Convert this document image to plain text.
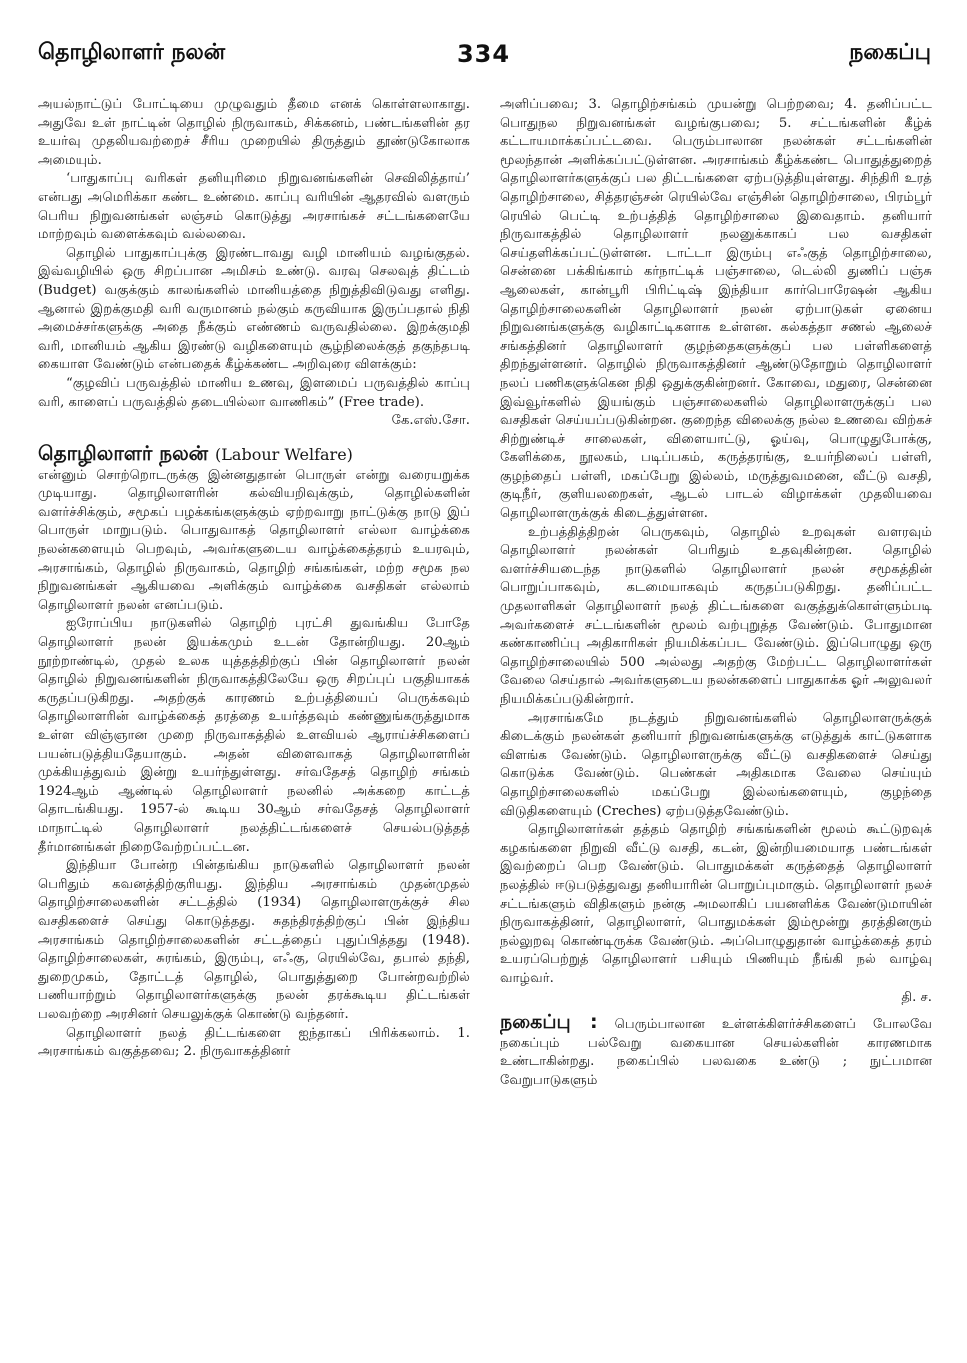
தொழிலாளர் நலன்	334	நகைப்பு

அயல்நாட்டுப் போட்டியை முழுவதும் தீமை எனக் கொள்ளலாகாது. அதுவே உள் நாட்டின் தொழில் நிருவாகம், சிக்கனம், பண்டங்களின் தர உயர்வு முதலியவற்றைச் சீரிய முறையில் திருத்தும் தூண்டுகோலாக அமையும்.

‘பாதுகாப்பு வரிகள் தனியுரிமை நிறுவனங்களின் செவிலித்தாய்’ என்பது அமெரிக்கா கண்ட உண்மை. காப்பு வரியின் ஆதரவில் வளரும் பெரிய நிறுவனங்கள் லஞ்சம் கொடுத்து அரசாங்கச் சட்டங்களையே மாற்றவும் வளைக்கவும் வல்லவை.

தொழில் பாதுகாப்புக்கு இரண்டாவது வழி மானியம் வழங்குதல். இவ்வழியில் ஒரு சிறப்பான அமிசம் உண்டு. வரவு செலவுத் திட்டம் (Budget) வகுக்கும் காலங்களில் மானியத்தை நிறுத்திவிடுவது எளிது. ஆனால் இறக்குமதி வரி வருமானம் நல்கும் கருவியாக இருப்பதால் நிதி அமைச்சர்களுக்கு அதை நீக்கும் எண்ணம் வருவதில்லை. இறக்குமதி வரி, மானியம் ஆகிய இரண்டு வழிகளையும் சூழ்நிலைக்குத் தகுந்தபடி கையாள வேண்டும் என்பதைக் கீழ்க்கண்ட அறிவுரை விளக்கும்:

“குழவிப் பருவத்தில் மானிய உணவு, இளமைப் பருவத்தில் காப்பு வரி, காளைப் பருவத்தில் தடையில்லா வாணிகம்” (Free trade).

கே.எஸ்.சோ.

தொழிலாளர் நலன் (Labour Welfare)

என்னும் சொற்றொடருக்கு இன்னதுதான் பொருள் என்று வரையறுக்க முடியாது. தொழிலாளரின் கல்வியறிவுக்கும், தொழில்களின் வளர்ச்சிக்கும், சமூகப் பழக்கங்களுக்கும் ஏற்றவாறு நாட்டுக்கு நாடு இப் பொருள் மாறுபடும். பொதுவாகத் தொழிலாளர் எல்லா வாழ்க்கை நலன்களையும் பெறவும், அவர்களுடைய வாழ்க்கைத்தரம் உயரவும், அரசாங்கம், தொழில் நிருவாகம், தொழிற் சங்கங்கள், மற்ற சமூக நல நிறுவனங்கள் ஆகியவை அளிக்கும் வாழ்க்கை வசதிகள் எல்லாம் தொழிலாளர் நலன் எனப்படும்.

ஐரோப்பிய நாடுகளில் தொழிற் புரட்சி துவங்கிய போதே தொழிலாளர் நலன் இயக்கமும் உடன் தோன்றியது. 20ஆம் நூற்றாண்டில், முதல் உலக யுத்தத்திற்குப் பின் தொழிலாளர் நலன் தொழில் நிறுவனங்களின் நிருவாகத்திலேயே ஒரு சிறப்புப் பகுதியாகக் கருதப்படுகிறது. அதற்குக் காரணம் உற்பத்தியைப் பெருக்கவும் தொழிலாளரின் வாழ்க்கைத் தரத்தை உயர்த்தவும் கண்ணுங்கருத்துமாக உள்ள விஞ்ஞான முறை நிருவாகத்தில் உளவியல் ஆராய்ச்சிகளைப் பயன்படுத்தியதேயாகும். அதன் விளைவாகத் தொழிலாளரின் முக்கியத்துவம் இன்று உயர்ந்துள்ளது. சர்வதேசத் தொழிற் சங்கம் 1924ஆம் ஆண்டில் தொழிலாளர் நலனில் அக்கறை காட்டத் தொடங்கியது. 1957-ல் கூடிய 30ஆம் சர்வதேசத் தொழிலாளர் மாநாட்டில் தொழிலாளர் நலத்திட்டங்களைச் செயல்படுத்தத் தீர்மானங்கள் நிறைவேற்றப்பட்டன.

இந்தியா போன்ற பின்தங்கிய நாடுகளில் தொழிலாளர் நலன் பெரிதும் கவனத்திற்குரியது. இந்திய அரசாங்கம் முதன்முதல் தொழிற்சாலைகளின் சட்டத்தில் (1934) தொழிலாளருக்குச் சில வசதிகளைச் செய்து கொடுத்தது. சுதந்திரத்திற்குப் பின் இந்திய அரசாங்கம் தொழிற்சாலைகளின் சட்டத்தைப் புதுப்பித்தது (1948). தொழிற்சாலைகள், சுரங்கம், இரும்பு, எஃகு, ரெயில்வே, தபால் தந்தி, துறைமுகம், தோட்டத் தொழில், பொதுத்துறை போன்றவற்றில் பணியாற்றும் தொழிலாளர்களுக்கு நலன் தரக்கூடிய திட்டங்கள் பலவற்றை அரசினர் செயலுக்குக் கொண்டு வந்தனர்.

தொழிலாளர் நலத் திட்டங்களை ஐந்தாகப் பிரிக்கலாம். 1. அரசாங்கம் வகுத்தவை; 2. நிருவாகத்தினர்

அளிப்பவை; 3. தொழிற்சங்கம் முயன்று பெற்றவை; 4. தனிப்பட்ட பொதுநல நிறுவனங்கள் வழங்குபவை; 5. சட்டங்களின் கீழ்க் கட்டாயமாக்கப்பட்டவை. பெரும்பாலான நலன்கள் சட்டங்களின் மூலந்தான் அளிக்கப்பட்டுள்ளன. அரசாங்கம் கீழ்க்கண்ட பொதுத்துறைத் தொழிலாளர்களுக்குப் பல திட்டங்களை ஏற்படுத்தியுள்ளது. சிந்திரி உரத் தொழிற்சாலை, சித்தரஞ்சன் ரெயில்வே எஞ்சின் தொழிற்சாலை, பிரம்பூர் ரெயில் பெட்டி உற்பத்தித் தொழிற்சாலை இவைதாம். தனியார் நிருவாகத்தில் தொழிலாளர் நலனுக்காகப் பல வசதிகள் செய்தளிக்கப்பட்டுள்ளன. டாட்டா இரும்பு எஃகுத் தொழிற்சாலை, சென்னை பக்கிங்காம் கர்நாட்டிக் பஞ்சாலை, டெல்லி துணிப் பஞ்சு ஆலைகள், கான்பூரி பிரிட்டிஷ் இந்தியா கார்பொரேஷன் ஆகிய தொழிற்சாலைகளின் தொழிலாளர் நலன் ஏற்பாடுகள் ஏனைய நிறுவனங்களுக்கு வழிகாட்டிகளாக உள்ளன. கல்கத்தா சணல் ஆலைச் சங்கத்தினர் தொழிலாளர் குழந்தைகளுக்குப் பல பள்ளிகளைத் திறந்துள்ளனர். தொழில் நிருவாகத்தினர் ஆண்டுதோறும் தொழிலாளர் நலப் பணிகளுக்கென நிதி ஒதுக்குகின்றனர். கோவை, மதுரை, சென்னை இவ்வூர்களில் இயங்கும் பஞ்சாலைகளில் தொழிலாளருக்குப் பல வசதிகள் செய்யப்படுகின்றன. குறைந்த விலைக்கு நல்ல உணவை விற்கச் சிற்றுண்டிச் சாலைகள், விளையாட்டு, ஓய்வு, பொழுதுபோக்கு, கேளிக்கை, நூலகம், படிப்பகம், கருத்தரங்கு, உயர்நிலைப் பள்ளி, குழந்தைப் பள்ளி, மகப்பேறு இல்லம், மருத்துவமனை, வீட்டு வசதி, குடிநீர், குளியலறைகள், ஆடல் பாடல் விழாக்கள் முதலியவை தொழிலாளருக்குக் கிடைத்துள்ளன.

உற்பத்தித்திறன் பெருகவும், தொழில் உறவுகள் வளரவும் தொழிலாளர் நலன்கள் பெரிதும் உதவுகின்றன. தொழில் வளர்ச்சியடைந்த நாடுகளில் தொழிலாளர் நலன் சமூகத்தின் பொறுப்பாகவும், கடமையாகவும் கருதப்படுகிறது. தனிப்பட்ட முதலாளிகள் தொழிலாளர் நலத் திட்டங்களை வகுத்துக்கொள்ளும்படி அவர்களைச் சட்டங்களின் மூலம் வற்புறுத்த வேண்டும். போதுமான கண்காணிப்பு அதிகாரிகள் நியமிக்கப்பட வேண்டும். இப்பொழுது ஒரு தொழிற்சாலையில் 500 அல்லது அதற்கு மேற்பட்ட தொழிலாளர்கள் வேலை செய்தால் அவர்களுடைய நலன்களைப் பாதுகாக்க ஓர் அலுவலர் நியமிக்கப்படுகின்றார்.

அரசாங்கமே நடத்தும் நிறுவனங்களில் தொழிலாளருக்குக் கிடைக்கும் நலன்கள் தனியார் நிறுவனங்களுக்கு எடுத்துக் காட்டுகளாக விளங்க வேண்டும். தொழிலாளருக்கு வீட்டு வசதிகளைச் செய்து கொடுக்க வேண்டும். பெண்கள் அதிகமாக வேலை செய்யும் தொழிற்சாலைகளில் மகப்பேறு இல்லங்களையும், குழந்தை விடுதிகளையும் (Creches) ஏற்படுத்தவேண்டும்.

தொழிலாளர்கள் தத்தம் தொழிற் சங்கங்களின் மூலம் கூட்டுறவுக் கழகங்களை நிறுவி வீட்டு வசதி, கடன், இன்றியமையாத பண்டங்கள் இவற்றைப் பெற வேண்டும். பொதுமக்கள் கருத்தைத் தொழிலாளர் நலத்தில் ஈடுபடுத்துவது தனியாரின் பொறுப்புமாகும். தொழிலாளர் நலச் சட்டங்களும் விதிகளும் நன்கு அமலாகிப் பயனளிக்க வேண்டுமாயின் நிருவாகத்தினர், தொழிலாளர், பொதுமக்கள் இம்மூன்று தரத்தினரும் நல்லுறவு கொண்டிருக்க வேண்டும். அப்பொழுதுதான் வாழ்க்கைத் தரம் உயரப்பெற்றுத் தொழிலாளர் பசியும் பிணியும் நீங்கி நல் வாழ்வு வாழ்வர்.

தி. ச.

நகைப்பு : பெரும்பாலான உள்ளக்கிளர்ச்சிகளைப் போலவே நகைப்பும் பல்வேறு வகையான செயல்களின் காரணமாக உண்டாகின்றது. நகைப்பில் பலவகை உண்டு ; நுட்பமான வேறுபாடுகளும்
